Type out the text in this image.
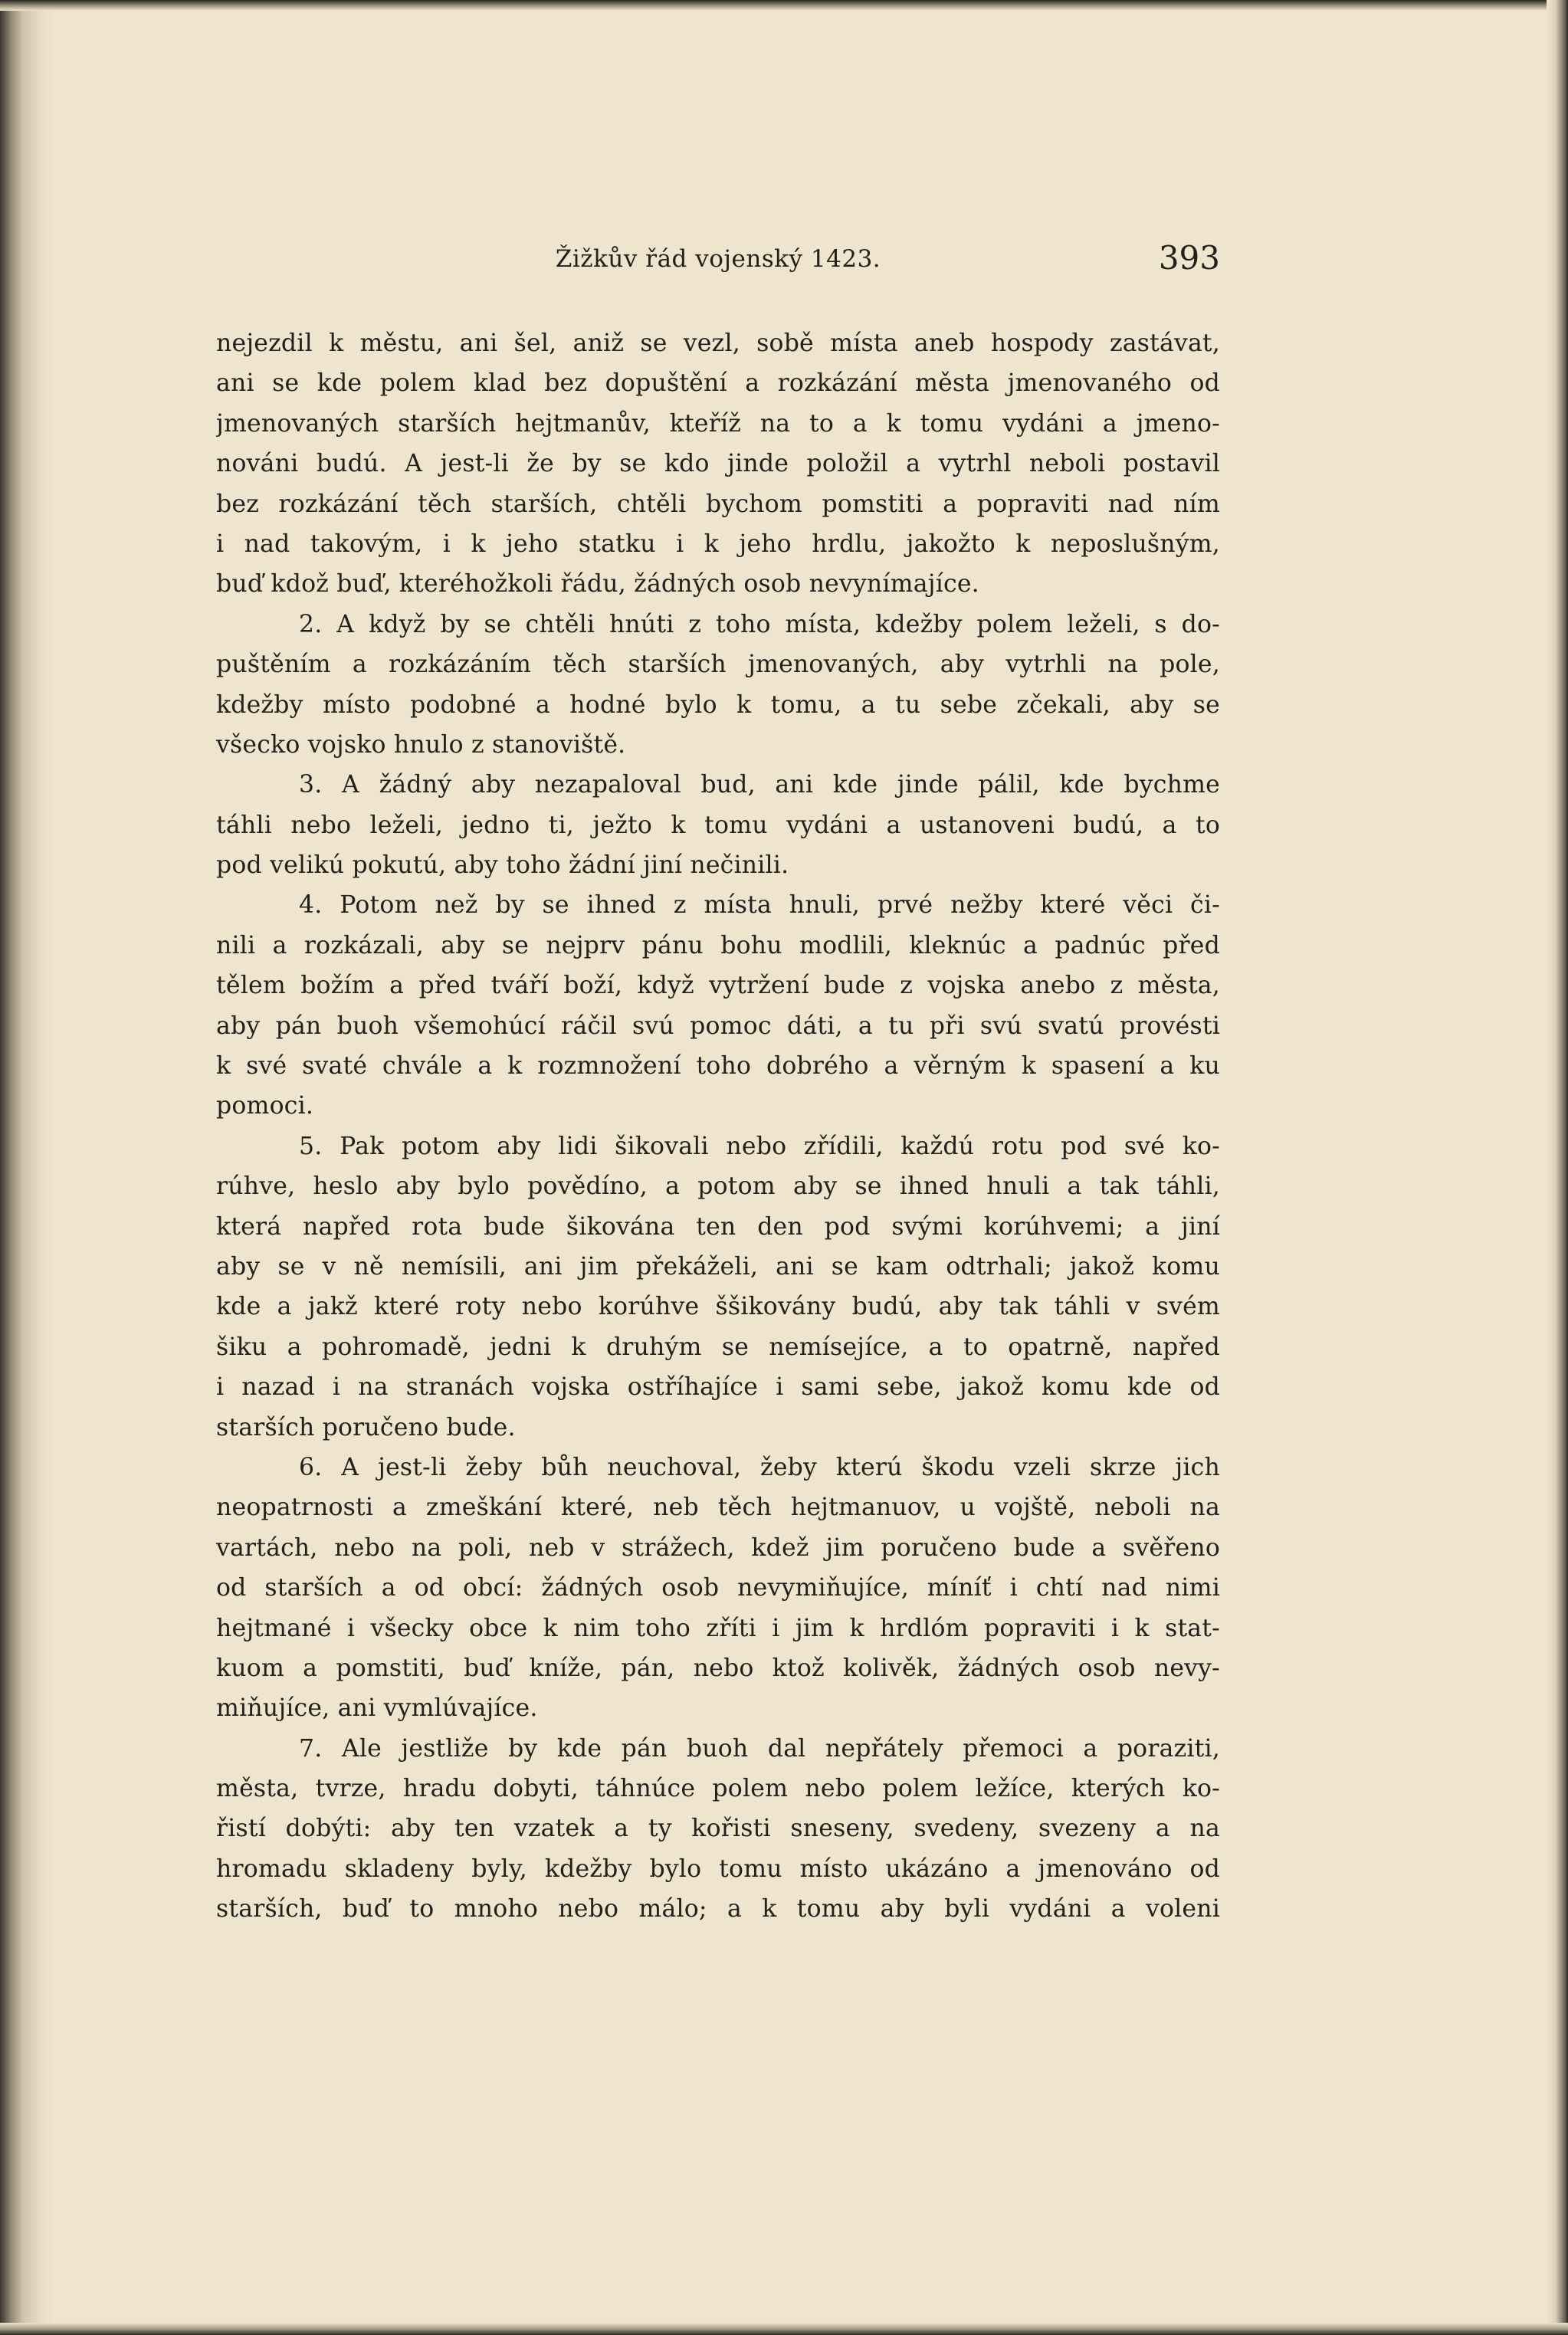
Žižkův řád vojenský 1423.	393
nejezdil k městu, ani šel, aniž se vezl, sobě místa aneb hospody zastávat,
ani se kde polem klad bez dopuštění a rozkázání města jmenovaného od
jmenovaných starších hejtmanův, kteříž na to a k tomu vydáni a jmeno-
nováni budú. A jest-li že by se kdo jinde položil a vytrhl neboli postavil
bez rozkázání těch starších, chtěli bychom pomstiti a popraviti nad ním
i nad takovým, i k jeho statku i k jeho hrdlu, jakožto k neposlušným,
buď kdož buď, kteréhožkoli řádu, žádných osob nevynímajíce.
2. A když by se chtěli hnúti z toho místa, kdežby polem leželi, s do-
puštěním a rozkázáním těch starších jmenovaných, aby vytrhli na pole,
kdežby místo podobné a hodné bylo k tomu, a tu sebe zčekali, aby se
všecko vojsko hnulo z stanoviště.
3. A žádný aby nezapaloval bud, ani kde jinde pálil, kde bychme
táhli nebo leželi, jedno ti, ježto k tomu vydáni a ustanoveni budú, a to
pod velikú pokutú, aby toho žádní jiní nečinili.
4. Potom než by se ihned z místa hnuli, prvé nežby které věci či-
nili a rozkázali, aby se nejprv pánu bohu modlili, kleknúc a padnúc před
tělem božím a před tváří boží, když vytržení bude z vojska anebo z města,
aby pán buoh všemohúcí ráčil svú pomoc dáti, a tu při svú svatú provésti
k své svaté chvále a k rozmnožení toho dobrého a věrným k spasení a ku
pomoci.
5. Pak potom aby lidi šikovali nebo zřídili, každú rotu pod své ko-
rúhve, heslo aby bylo povědíno, a potom aby se ihned hnuli a tak táhli,
která napřed rota bude šikována ten den pod svými korúhvemi; a jiní
aby se v ně nemísili, ani jim překáželi, ani se kam odtrhali; jakož komu
kde a jakž které roty nebo korúhve ššikovány budú, aby tak táhli v svém
šiku a pohromadě, jedni k druhým se nemísejíce, a to opatrně, napřed
i nazad i na stranách vojska ostříhajíce i sami sebe, jakož komu kde od
starších poručeno bude.
6. A jest-li žeby bůh neuchoval, žeby kterú škodu vzeli skrze jich
neopatrnosti a zmeškání které, neb těch hejtmanuov, u vojště, neboli na
vartách, nebo na poli, neb v strážech, kdež jim poručeno bude a svěřeno
od starších a od obcí: žádných osob nevymiňujíce, míníť i chtí nad nimi
hejtmané i všecky obce k nim toho zříti i jim k hrdlóm popraviti i k stat-
kuom a pomstiti, buď kníže, pán, nebo ktož kolivěk, žádných osob nevy-
miňujíce, ani vymlúvajíce.
7. Ale jestliže by kde pán buoh dal nepřátely přemoci a poraziti,
města, tvrze, hradu dobyti, táhnúce polem nebo polem ležíce, kterých ko-
řistí dobýti: aby ten vzatek a ty kořisti sneseny, svedeny, svezeny a na
hromadu skladeny byly, kdežby bylo tomu místo ukázáno a jmenováno od
starších, buď to mnoho nebo málo; a k tomu aby byli vydáni a voleni
